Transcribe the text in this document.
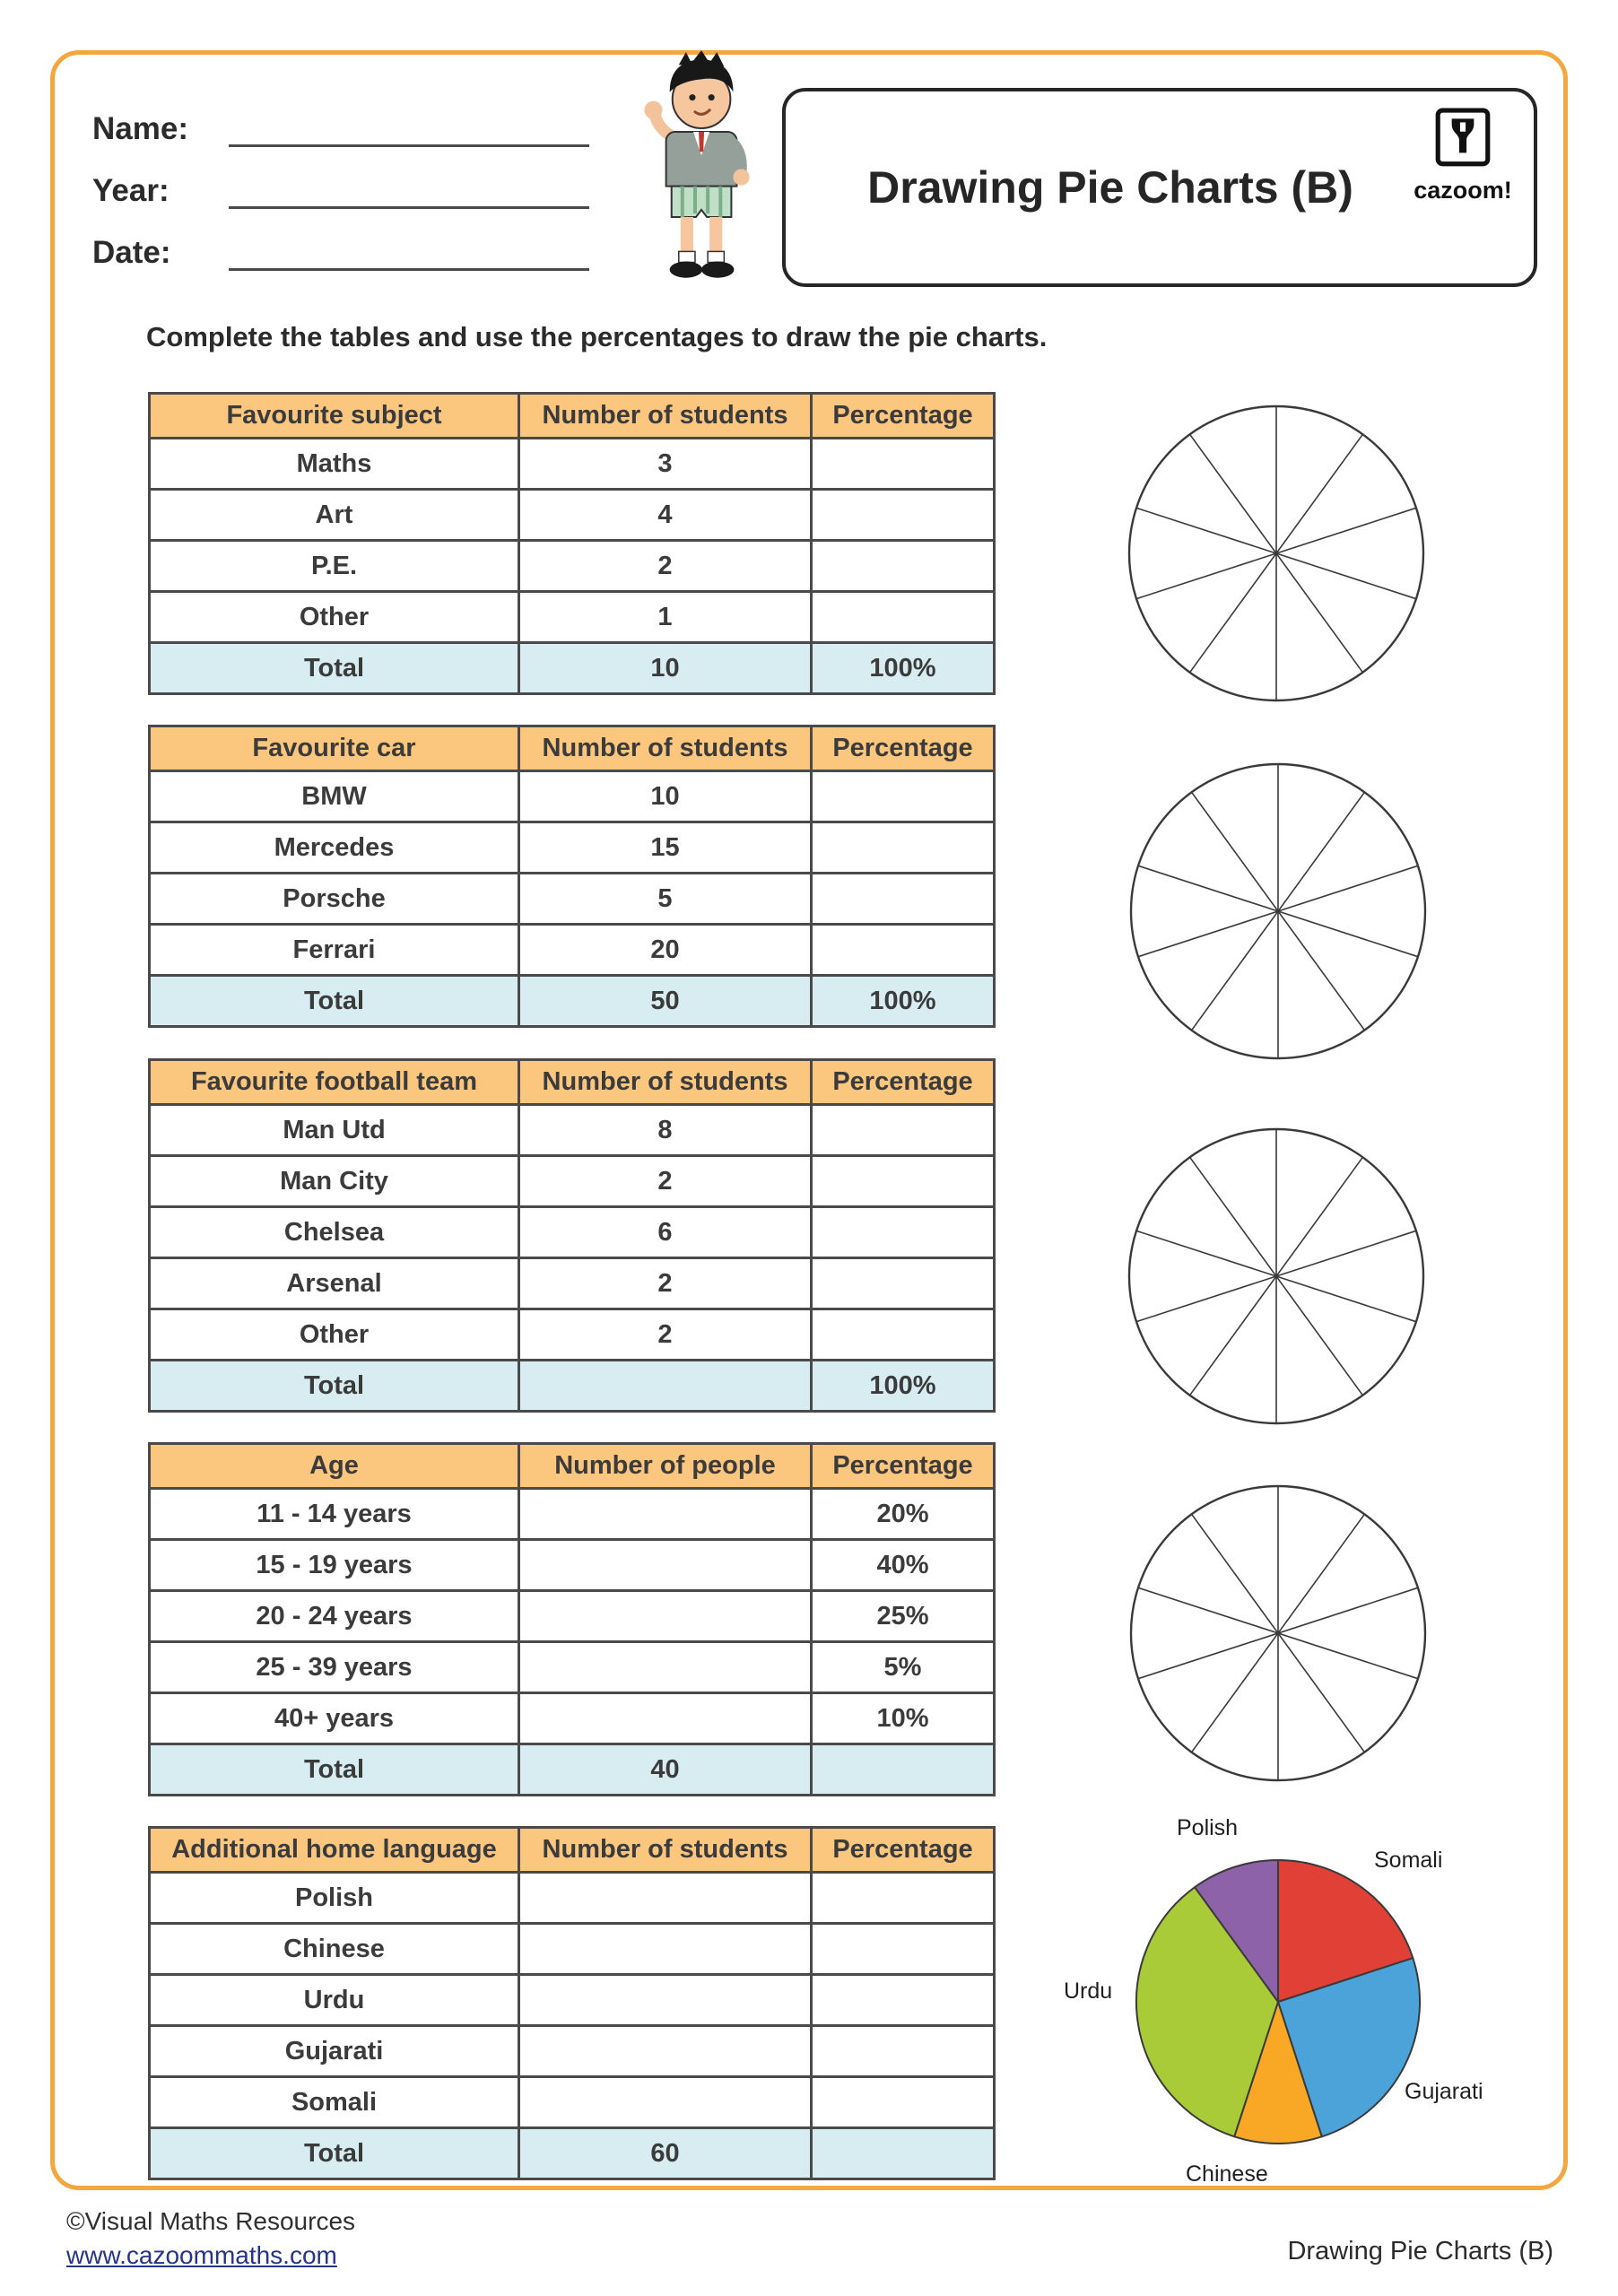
Name:
Year:
Date:
Drawing Pie Charts (B)	cazoom!

Complete the tables and use the percentages to draw the pie charts.

Favourite subject	Number of students	Percentage
Maths	3	
Art	4	
P.E.	2	
Other	1	
Total	10	100%
Favourite car	Number of students	Percentage
BMW	10	
Mercedes	15	
Porsche	5	
Ferrari	20	
Total	50	100%
Favourite football team	Number of students	Percentage
Man Utd	8	
Man City	2	
Chelsea	6	
Arsenal	2	
Other	2	
Total		100%
Age	Number of people	Percentage
11 - 14 years		20%
15 - 19 years		40%
20 - 24 years		25%
25 - 39 years		5%
40+ years		10%
Total	40	
Additional home language	Number of students	Percentage
Polish		
Chinese		
Urdu		
Gujarati		
Somali		
Total	60	
Polish
Somali
Urdu
Gujarati
Chinese
©Visual Maths Resources
www.cazoommaths.com	Drawing Pie Charts (B)
